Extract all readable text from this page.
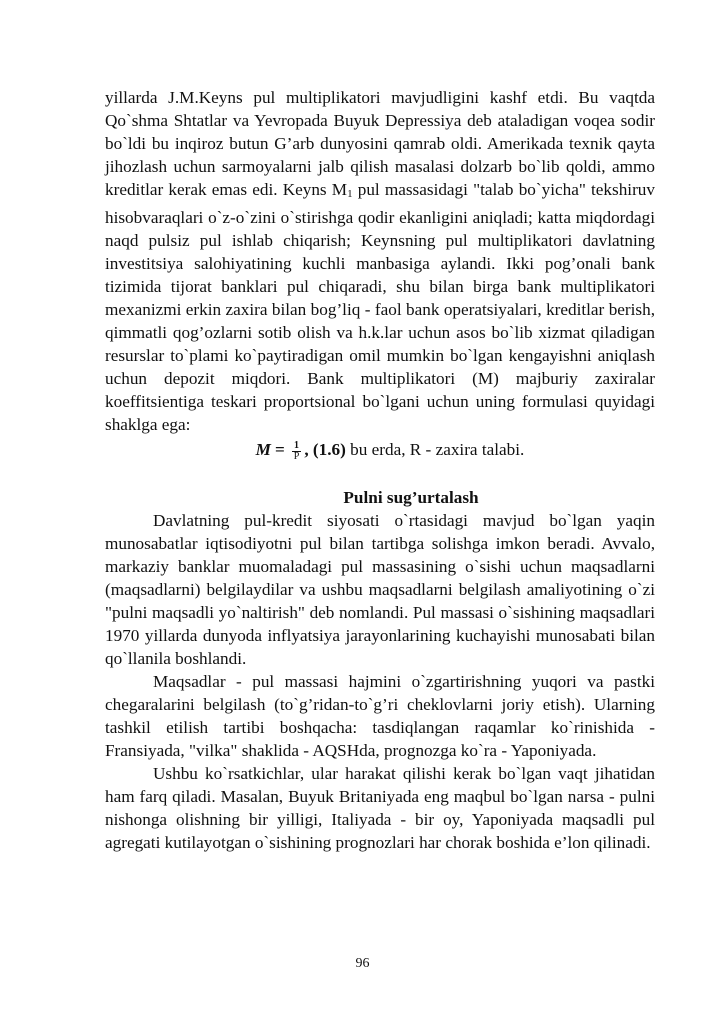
yillarda J.M.Keyns pul multiplikatori mavjudligini kashf etdi. Bu vaqtda Qo`shma Shtatlar va Yevropada Buyuk Depressiya deb ataladigan voqea sodir bo`ldi bu inqiroz butun G’arb dunyosini qamrab oldi. Amerikada texnik qayta jihozlash uchun sarmoyalarni jalb qilish masalasi dolzarb bo`lib qoldi, ammo kreditlar kerak emas edi. Keyns M1 pul massasidagi "talab bo`yicha" tekshiruv hisobvaraqlari o`z-o`zini o`stirishga qodir ekanligini aniqladi; katta miqdordagi naqd pulsiz pul ishlab chiqarish; Keynsning pul multiplikatori davlatning investitsiya salohiyatining kuchli manbasiga aylandi. Ikki pog’onali bank tizimida tijorat banklari pul chiqaradi, shu bilan birga bank multiplikatori mexanizmi erkin zaxira bilan bog’liq - faol bank operatsiyalari, kreditlar berish, qimmatli qog’ozlarni sotib olish va h.k.lar uchun asos bo`lib xizmat qiladigan resurslar to`plami ko`paytiradigan omil mumkin bo`lgan kengayishni aniqlash uchun depozit miqdori. Bank multiplikatori (M) majburiy zaxiralar koeffitsientiga teskari proportsional bo`lgani uchun uning formulasi quyidagi shaklga ega:

$M = \frac{1}{P}$ , (1.6) bu erda, R - zaxira talabi.

Pulni sug’urtalash

Davlatning pul-kredit siyosati o`rtasidagi mavjud bo`lgan yaqin munosabatlar iqtisodiyotni pul bilan tartibga solishga imkon beradi. Avvalo, markaziy banklar muomaladagi pul massasining o`sishi uchun maqsadlarni (maqsadlarni) belgilaydilar va ushbu maqsadlarni belgilash amaliyotining o`zi "pulni maqsadli yo`naltirish" deb nomlandi. Pul massasi o`sishining maqsadlari 1970 yillarda dunyoda inflyatsiya jarayonlarining kuchayishi munosabati bilan qo`llanila boshlandi.

Maqsadlar - pul massasi hajmini o`zgartirishning yuqori va pastki chegaralarini belgilash (to`g’ridan-to`g’ri cheklovlarni joriy etish). Ularning tashkil etilish tartibi boshqacha: tasdiqlangan raqamlar ko`rinishida - Fransiyada, "vilka" shaklida - AQSHda, prognozga ko`ra - Yaponiyada.

Ushbu ko`rsatkichlar, ular harakat qilishi kerak bo`lgan vaqt jihatidan ham farq qiladi. Masalan, Buyuk Britaniyada eng maqbul bo`lgan narsa - pulni nishonga olishning bir yilligi, Italiyada - bir oy, Yaponiyada maqsadli pul agregati kutilayotgan o`sishining prognozlari har chorak boshida e’lon qilinadi.

96
